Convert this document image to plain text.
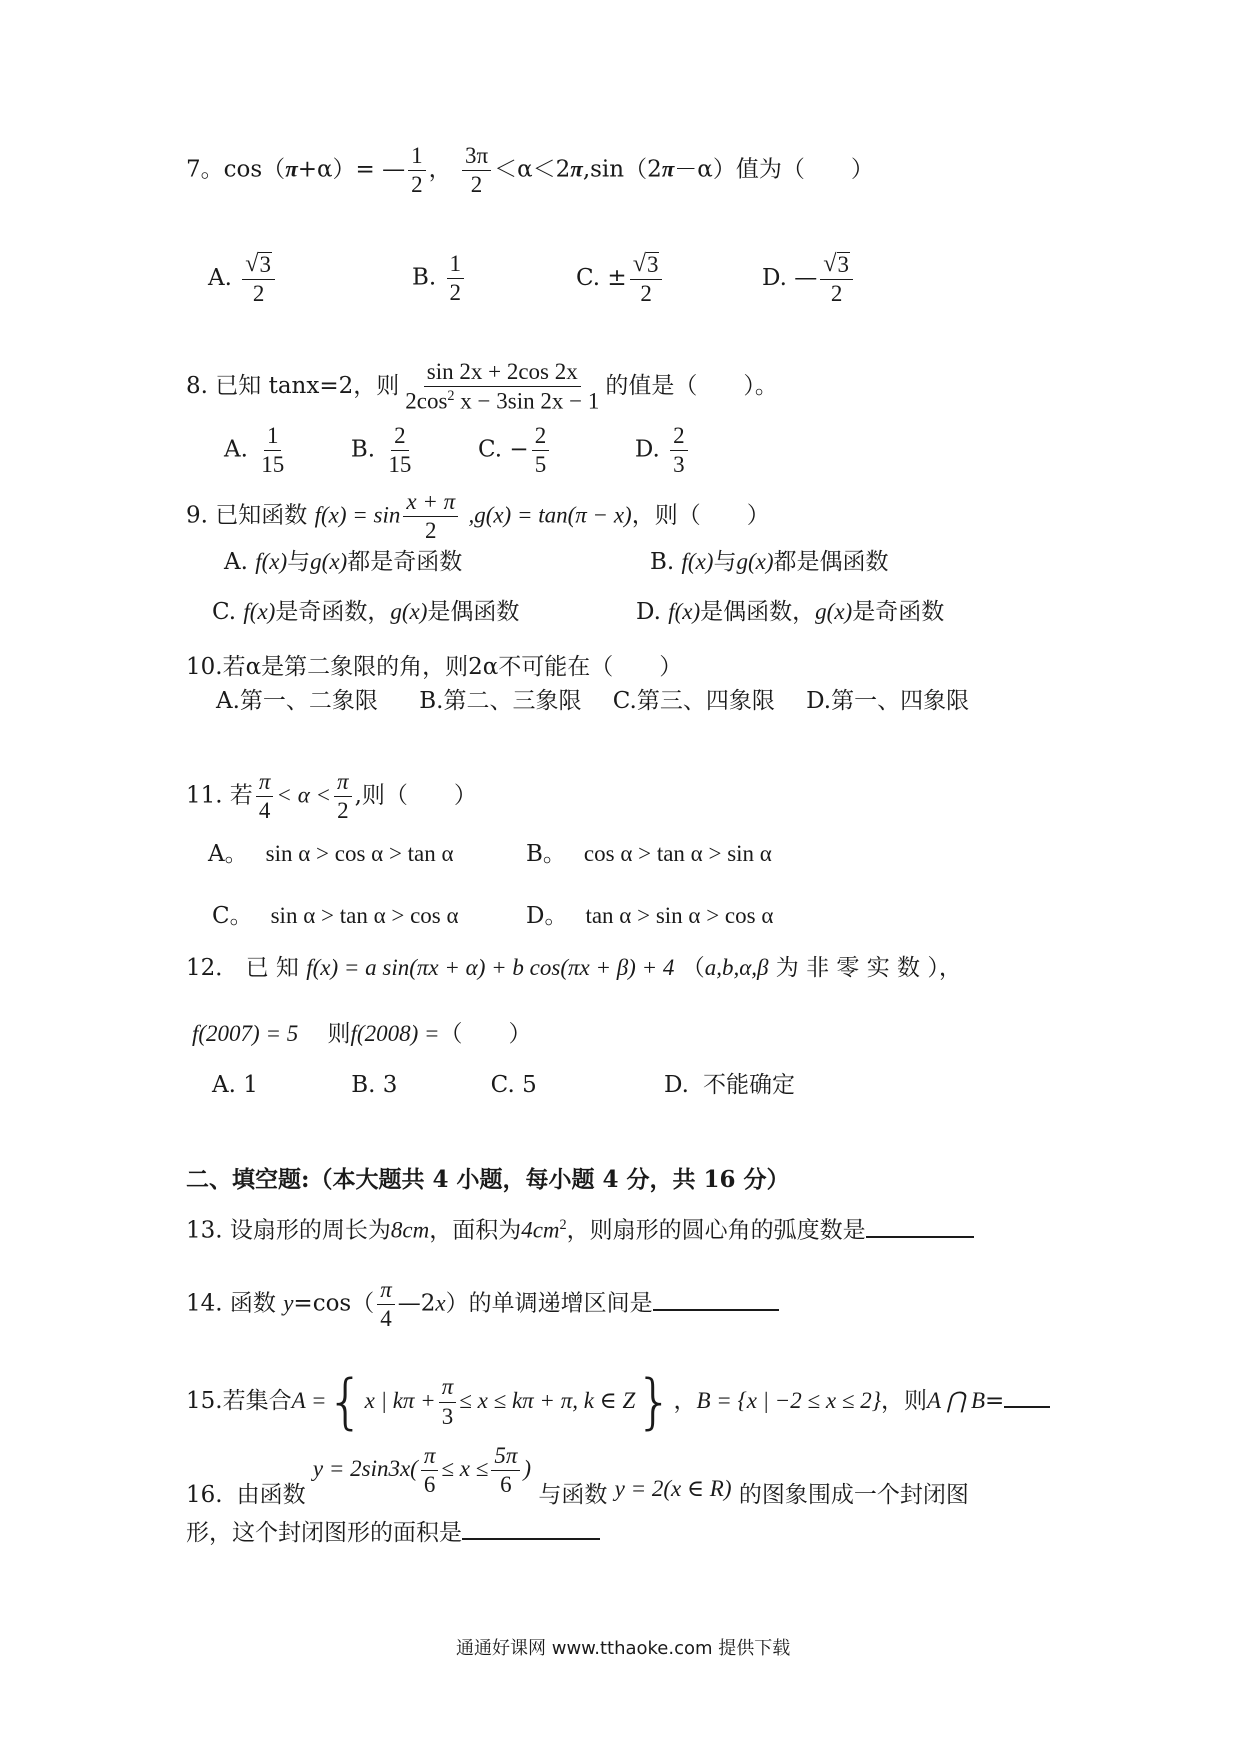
7。cos（π+α）= — $\frac{1}{2}$ ， $\frac{3\pi}{2} <\alpha<2\pi,\sin(2\pi-\alpha)$值为（　　）
A. $\frac{√ 3}{2}$	B. $\frac{1}{2}$	C. ± $\frac{√ 3}{2}$	D. — $\frac{√ 3}{2}$
8. 已知 tanx=2，则 $\frac{\sin 2x + 2\cos 2x}{2\cos^2 x - 3\sin 2x - 1}$ 的值是（　　）。
A. $\frac{1}{15}$	B. $\frac{2}{15}$	C. − $\frac{2}{5}$	D. $\frac{2}{3}$
9. 已知函数 $f(x) = \sin \frac{x + \pi}{2} ,g(x) = \tan(\pi - x)$，则（　　）
A. f(x)与g(x)都是奇函数	B. f(x)与g(x)都是偶函数
C. f(x)是奇函数，g(x)是偶函数	D. f(x)是偶函数，g(x)是奇函数
10.若α是第二象限的角，则2α不可能在（　　）
A.第一、二象限 B.第二、三象限 C.第三、四象限 D.第一、四象限
11. 若 $\frac{\pi}{4} < \alpha < \frac{\pi}{2}$ ,则（　　）
A。 sin α > cos α > tan α	B。 cos α > tan α > sin α
C。 sin α > tan α > cos α	D。 tan α > sin α > cos α
12． 已 知 f(x) = a sin(πx + α) + b cos(πx + β) + 4 （a,b,α,β 为 非 零 实 数 ），
f(2007) = 5 则f(2008) =（　　）
A. 1	B. 3	C. 5	D. 不能确定
二、填空题:（本大题共 4 小题，每小题 4 分，共 16 分）
13. 设扇形的周长为8cm，面积为$4cm^2$，则扇形的圆心角的弧度数是
14. 函数 $y=\cos( \frac{\pi}{4}$ —2x）的单调递增区间是
15.若集合A ={x | $k\pi + \frac{\pi}{3} \le x \le k\pi + \pi$, k ∈ Z}，B = {x | −2 ≤ x ≤ 2}，则A ⋂ B=
16. 由函数 $y = 2\sin 3x( \frac{\pi}{6} \le x \le \frac{5\pi}{6}$ ) 与函数 y = 2(x ∈ R) 的图象围成一个封闭图
形，这个封闭图形的面积是
通通好课网 www.tthaoke.com 提供下载
